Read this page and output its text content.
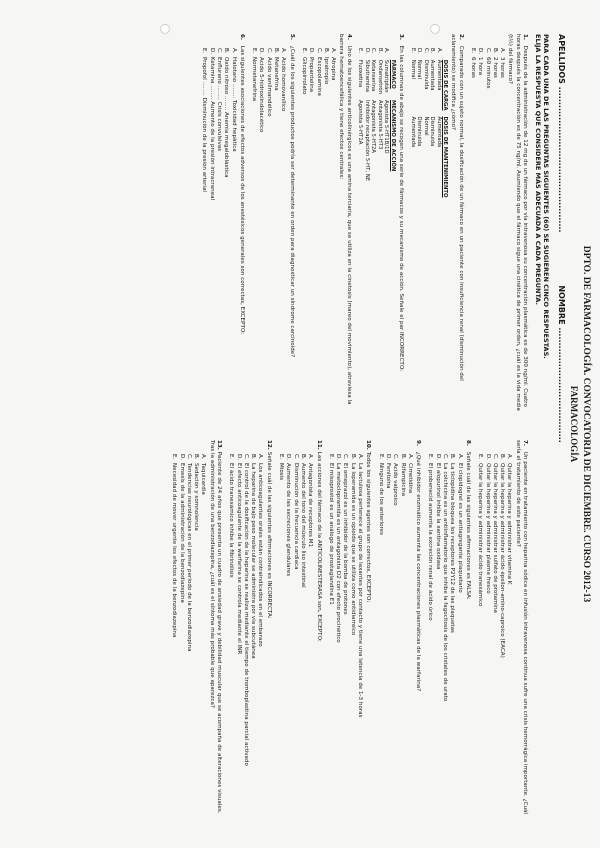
DPTO. DE FARMACOLOGÍA. CONVOCATORIA DE DICIEMBRE. CURSO 2012-13
FARMACOLOGÍA
APELLIDOS ................................................ NOMBRE ......................................
PARA CADA UNA DE LAS PREGUNTAS SIGUIENTES (60) SE SUGIEREN CINCO RESPUESTAS.
ELIJA LA RESPUESTA QUE CONSIDERE MÁS ADECUADA A CADA PREGUNTA.
1. Después de la administración de 12 mg de un fármaco por vía intravenosa su concentración plasmática es de 300 ng/ml. Cuatro horas después la concentración es de 75 ng/ml. Asumiendo que el fármaco sigue una cinética de primer orden, ¿cuál es la vida media (t½) del fármaco?
A.3 horas
B.2 horas
C.60 minutos
D.1 hora
E.6 horas
2. Comparado con un sujeto normal, la dosificación de un fármaco en un paciente con insuficiencia renal (disminución del aclaramiento) se modifica ¿cómo?
	DOSIS DE CARGA	DOSIS DE MANTENIMIENTO
A.	Aumentada	Aumentada
B.	Aumentada	Disminuida
C.	Disminuida	Normal
D.	Normal	Disminuida
E.	Normal	Aumentada
3. En las columnas de abajo se recogen una serie de fármacos y su mecanismo de acción. Señale el par INCORRECTO:
	FÁRMACO	MECANISMO DE ACCIÓN
A.	Sumatriptán	Agonista 5-HT1B/1D
B.	Ondansetrón	Antagonista 5-HT3
C.	Ketanserina	Antagonista 5-HT2A
D.	Sibutramina	Inhibidor recaptación 5-HT, NE
E.	Fluoxetina	Agonista 5-HT1A
4. Uno de los siguientes anticolinérgicos es una amina terciaria, que se utiliza en la cinetosis (mareo del movimiento), atraviesa la barrera hematoencefálica y tiene efectos centrales:
A.Atropina
B.Ipratropio
C.Escopolamina
D.Propantelina
E.Glicopirrolato
5. ¿Cuál de los siguientes productos podría ser determinante en orden para diagnosticar un síndrome carcinoide?
A.Ácido homovanílico
B.Metanefrina
C.Ácido vanilmandélico
D.Ácido 5-hidroxiindolacético
E.Normetanefrina
6. Las siguientes asociaciones de efectos adversos de los anestésicos generales son correctas, EXCEPTO:
A.Halotano ........ Toxicidad hepática
B.Óxido nitroso ........ Anemia megaloblástica
C.Enflurano ........ Crisis convulsivas
D.Ketamina ........ Aumento de la presión intracraneal
E.Propofol ........ Disminución de la presión arterial
7. Un paciente en tratamiento con heparina sódica en infusión intravenosa continua sufre una crisis hemorrágica importante. ¿Cuál sería el tratamiento de este paciente?
A.Quitar la heparina y administrar vitamina K
B.Quitar la heparina y administrar ácido épsilon-amino-caproico (EACA)
C.Quitar la heparina y administrar sulfato de protamina
D.Quitar la heparina y administrar plasma fresco
E.Quitar la heparina y administrar ácido tranexámico
8. Señale cuál de las siguientes afirmaciones es FALSA:
A.El clopidogrel es un antiagregante plaquetario
B.La ticlopidina bloquea los receptores P2Y12 de las plaquetas
C.La colchicina es un antiinflamatorio que inhibe la fagocitosis de los cristales de urato
D.El alopurinol inhibe la xantina oxidasa
E.El probenecid aumenta la excreción renal de ácido úrico
9. ¿Qué inhibidor enzimático aumenta las concentraciones plasmáticas de la warfarina?
A.Cimetidina
B.Rifampicina
C.Ácido valproico
D.Fenitoína
E.Ninguno de los anteriores
10. Todos los siguientes agentes son correctos, EXCEPTO:
A.La lactulosa pertenece al grupo de laxantes por contacto y tiene una latencia de 1-3 horas
B.La loperamida es un opioide que se utiliza como antidiarreico
C.El omeprazol es un inhibidor de la bomba de protones
D.La metoclopramida es un antagonista D2 con efecto procinético
E.El misoprostol es un análogo de prostaglandina E1
11. Las acciones del fármaco de la ANTICOLINESTERASA son, EXCEPTO:
A.Antagonista de receptores M1
B.Aumento del tono del músculo liso intestinal
C.Disminución de la frecuencia cardiaca
D.Aumento de las secreciones glandulares
E.Miosis
12. Señale cuál de las siguientes afirmaciones es INCORRECTA:
A.Los anticoagulantes orales están contraindicados en el embarazo
B.La heparina de bajo peso molecular se administra por vía subcutánea
C.El control de la dosificación de la heparina se realiza mediante el tiempo de tromboplastina parcial activado
D.El efecto anticoagulante de la warfarina se controla mediante el INR
E.El ácido tranexámico inhibe la fibrinólisis
13. Paciente de 24 años que presenta un cuadro de ansiedad grave y debilidad muscular que se acompaña de alteraciones visuales. Tras la administración de una benzodiazepina, ¿cuál es el síntoma más probable que aparezca?
A.Taquicardia
B.Sedación y somnolencia
C.Tendencias neurológicas en el primer período de la benzodiazepina
D.Emesis de la administración de la benzodiazepina
E.Necesidad de mover urgente los efectos de la benzodiazepina
